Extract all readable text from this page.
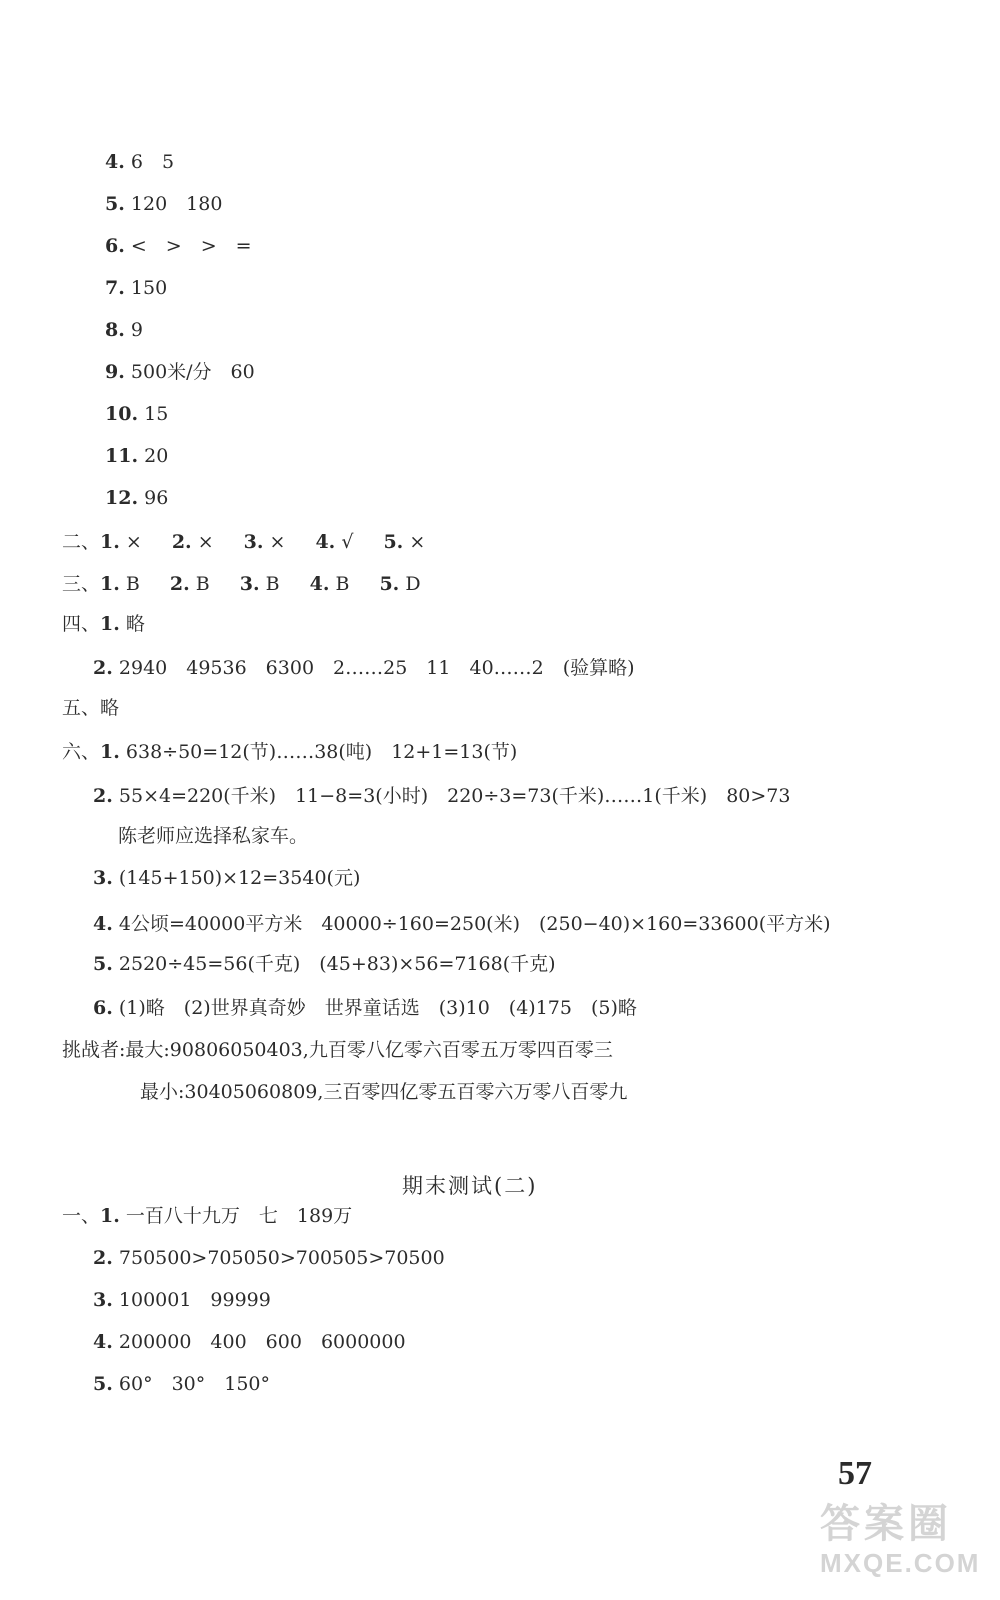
4. 6　5
5. 120　180
6. <　>　>　=
7. 150
8. 9
9. 500米/分　60
10. 15
11. 20
12. 96
二、1. × 2. × 3. × 4. √ 5. ×
三、1. B 2. B 3. B 4. B 5. D
四、1. 略
2. 2940　49536　6300　2……25　11　40……2　(验算略)
五、略
六、1. 638÷50=12(节)……38(吨)　12+1=13(节)
2. 55×4=220(千米)　11−8=3(小时)　220÷3=73(千米)……1(千米)　80>73
陈老师应选择私家车。
3. (145+150)×12=3540(元)
4. 4公顷=40000平方米　40000÷160=250(米)　(250−40)×160=33600(平方米)
5. 2520÷45=56(千克)　(45+83)×56=7168(千克)
6. (1)略　(2)世界真奇妙　世界童话选　(3)10　(4)175　(5)略
挑战者:最大:90806050403,九百零八亿零六百零五万零四百零三
最小:30405060809,三百零四亿零五百零六万零八百零九
期末测试(二)
一、1. 一百八十九万　七　189万
2. 750500>705050>700505>70500
3. 100001　99999
4. 200000　400　600　6000000
5. 60°　30°　150°
57
答案圈
MXQE.COM
